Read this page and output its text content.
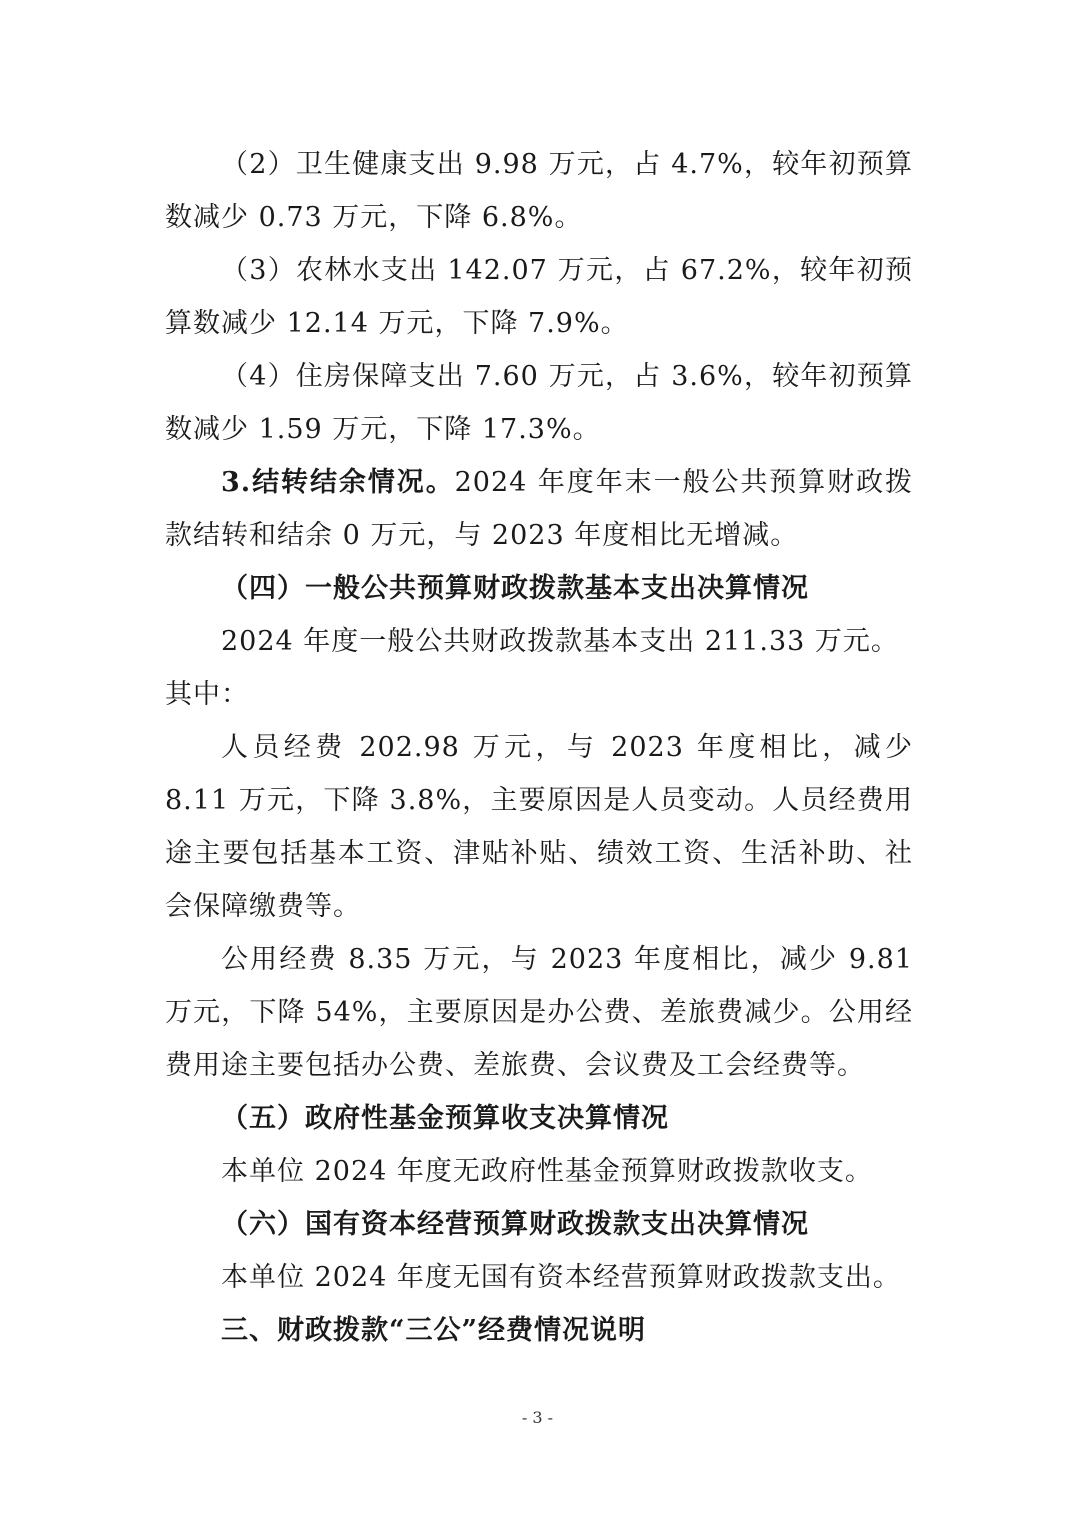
（2）卫生健康支出 9.98 万元，占 4.7%，较年初预算数减少 0.73 万元，下降 6.8%。

（3）农林水支出 142.07 万元，占 67.2%，较年初预算数减少 12.14 万元，下降 7.9%。

（4）住房保障支出 7.60 万元，占 3.6%，较年初预算数减少 1.59 万元，下降 17.3%。

3.结转结余情况。2024 年度年末一般公共预算财政拨款结转和结余 0 万元，与 2023 年度相比无增减。

（四）一般公共预算财政拨款基本支出决算情况

2024 年度一般公共财政拨款基本支出 211.33 万元。

其中：

人员经费 202.98 万元，与 2023 年度相比，减少 8.11 万元，下降 3.8%，主要原因是人员变动。人员经费用途主要包括基本工资、津贴补贴、绩效工资、生活补助、社会保障缴费等。

公用经费 8.35 万元，与 2023 年度相比，减少 9.81 万元，下降 54%，主要原因是办公费、差旅费减少。公用经费用途主要包括办公费、差旅费、会议费及工会经费等。

（五）政府性基金预算收支决算情况

本单位 2024 年度无政府性基金预算财政拨款收支。

（六）国有资本经营预算财政拨款支出决算情况

本单位 2024 年度无国有资本经营预算财政拨款支出。

三、财政拨款“三公”经费情况说明

- 3 -
